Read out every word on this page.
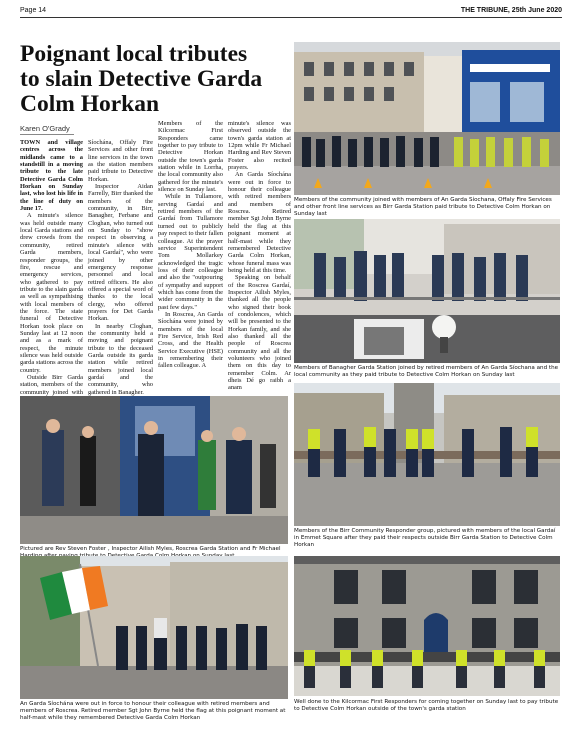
Page 14	THE TRIBUNE, 25th June 2020
Poignant local tributes
to slain Detective Garda
Colm Horkan
Karen O'Grady

TOWN and village centres across the midlands came to a standstill in a moving tribute to the late Detective Garda Colm Horkan on Sunday last, who lost his life in the line of duty on June 17.

A minute's silence was held outside many local Garda stations and drew crowds from the community, retired Garda members, responder groups, the fire, rescue and emergency services, who gathered to pay tribute to the slain garda as well as sympathising with local members of the force. The state funeral of Detective Horkan took place on Sunday last at 12 noon and as a mark of respect, the minute silence was held outside garda stations across the country.

Outside Birr Garda station, members of the community joined with

Síochána, Offaly Fire Services and other front line services in the town as the station members paid tribute to Detective Horkan.

Inspector Aidan Farrelly, Birr thanked the members of the community, in Birr, Banagher, Ferbane and Cloghan, who turned out on Sunday to "show respect in observing a minute's silence with local Gardaí", who were joined by other emergency response personnel and local retired officers. He also offered a special word of thanks to the local clergy, who offered prayers for Det Garda Horkan.

In nearby Cloghan, the community held a moving and poignant tribute to the deceased Garda outside its garda station while retired members joined local gardaí and the community, who gathered in Banagher.

Members of the Kilcormac First Responders came together to pay tribute to Detective Horkan outside the town's garda station while in Lorrha, the local community also gathered for the minute's silence on Sunday last.

While in Tullamore, serving Gardaí and retired members of the Gardaí from Tullamore turned out to publicly pay respect to their fallen colleague. At the prayer service Superintendent Tom Mollarkey acknowledged the tragic loss of their colleague and also the "outpouring of sympathy and support which has come from the wider community in the past few days."

In Roscrea, An Garda Síochána were joined by members of the local Fire Service, Irish Red Cross, and the Health Service Executive (HSE) in remembering their fallen colleague. A

minute's silence was observed outside the town's garda station at 12pm while Fr Michael Harding and Rev Steven Foster also recited prayers.

An Garda Síochána were out in force to honour their colleague with retired members and members of Roscrea. Retired member Sgt John Byrne held the flag at this poignant moment at half-mast while they remembered Detective Garda Colm Horkan, whose funeral mass was being held at this time.

Speaking on behalf of the Roscrea Gardaí, Inspector Ailish Myles, thanked all the people who signed their book of condolences, which will be presented to the Horkan family, and she also thanked all the people of Roscrea community and all the volunteers who joined them on this day to remember Colm. Ar dheis Dé go raibh a anam

Members of the community joined with members of An Garda Síochana, Offaly Fire Services and other front line services as Birr Garda Station paid tribute to Detective Colm Horkan on Sunday last
Members of Banagher Garda Station joined by retired members of An Garda Síochana and the local community as they paid tribute to Detective Colm Horkan on Sunday last
Pictured are Rev Steven Foster , Inspector Ailish Myles, Roscrea Garda Station and Fr Michael
Members of the Birr Community Responder group, pictured with members of the local Gardaí in Emmet Square after they paid their respects outside Birr Garda Station to Detective Colm Horkan
An Garda Síochána were out in force to honour their colleague with retired members and members of Roscrea. Retired member Sgt John Byrne held the flag at this poignant moment at half-mast while they remembered Detective Garda Colm Horkan
Well done to the Kilcormac First Responders for coming together on Sunday last to pay tribute to Detective Colm Horkan outside of the town's garda station
